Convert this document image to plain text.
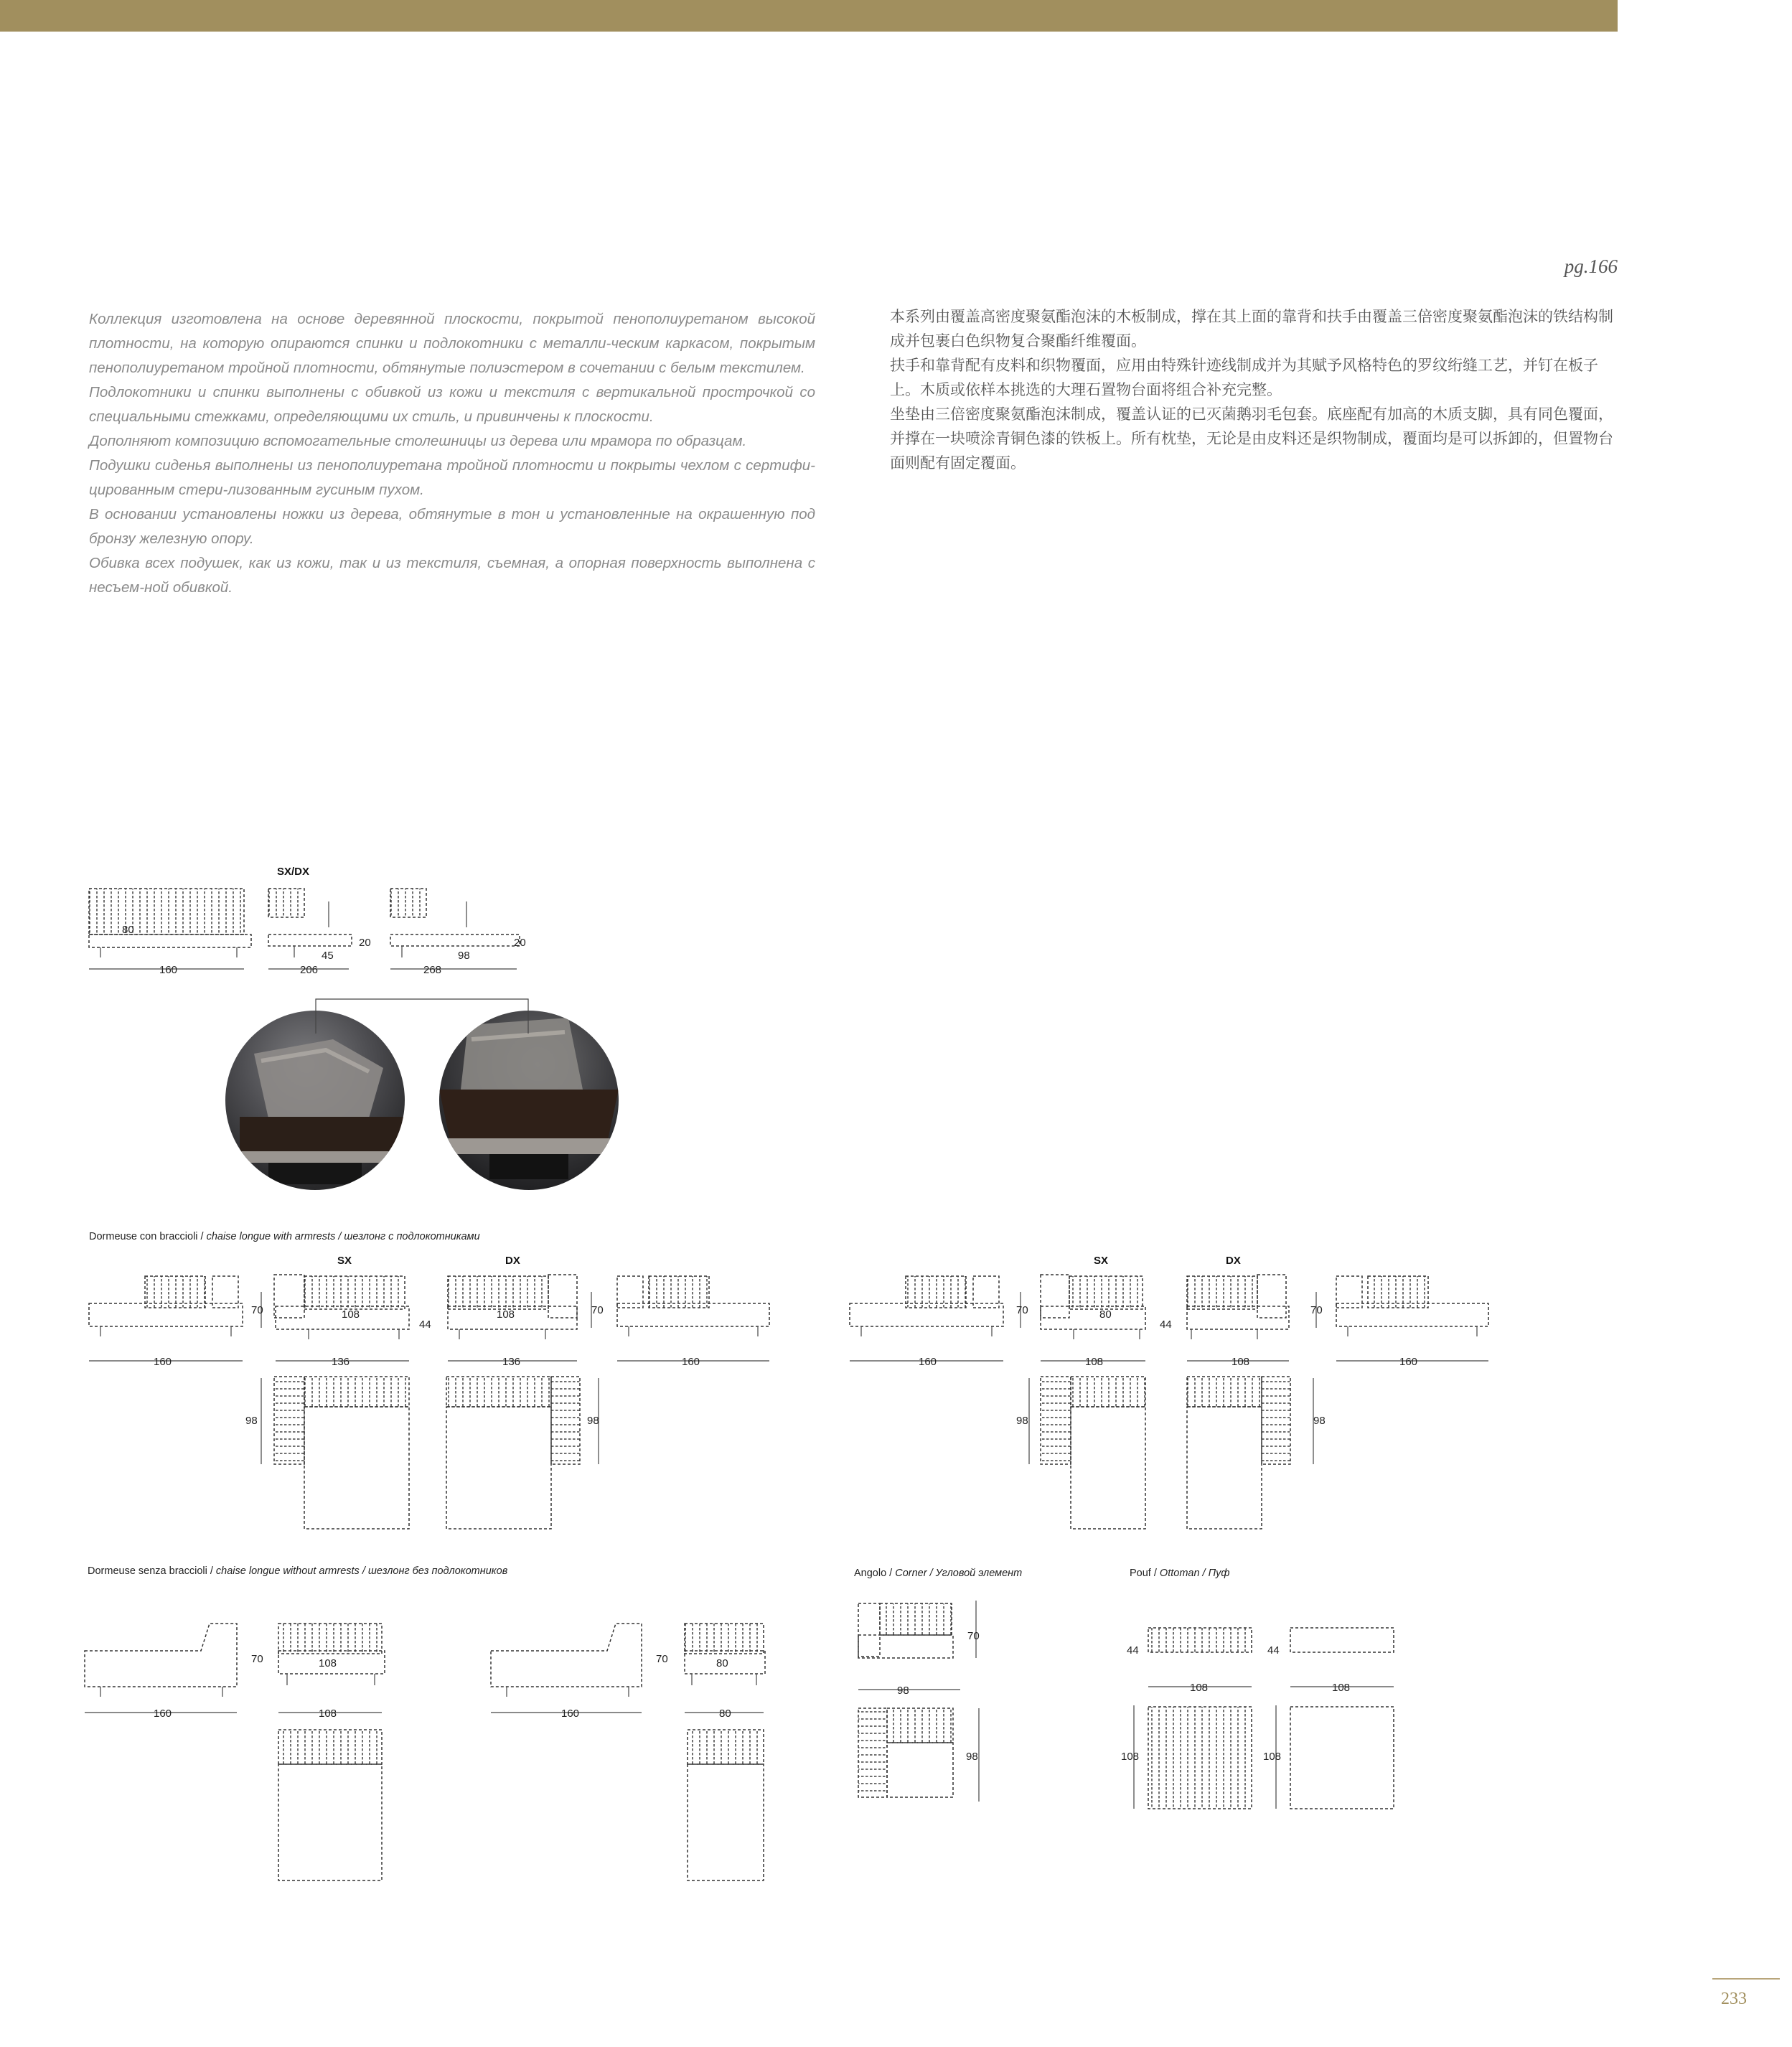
pg.166

Коллекция изготовлена на основе деревянной плоскости, покрытой пенополиуретаном высокой плотности, на которую опираются спинки и подлокотники с металли-ческим каркасом, покрытым пенополиуретаном тройной плотности, обтянутые полиэстером в сочетании с белым текстилем.

Подлокотники и спинки выполнены с обивкой из кожи и текстиля с вертикальной прострочкой со специальными стежками, определяющими их стиль, и привинчены к плоскости.

Дополняют композицию вспомогательные столешницы из дерева или мрамора по образцам.

Подушки сиденья выполнены из пенополиуретана тройной плотности и покрыты чехлом с сертифи-цированным стери-лизованным гусиным пухом.

В основании установлены ножки из дерева, обтянутые в тон и установленные на окрашенную под бронзу железную опору.

Обивка всех подушек, как из кожи, так и из текстиля, съемная, а опорная поверхность выполнена с несъем-ной обивкой.

本系列由覆盖高密度聚氨酯泡沫的木板制成，撑在其上面的靠背和扶手由覆盖三倍密度聚氨酯泡沫的铁结构制成并包裹白色织物复合聚酯纤维覆面。

扶手和靠背配有皮料和织物覆面，应用由特殊针迹线制成并为其赋予风格特色的罗纹绗缝工艺，并钉在板子上。木质或依样本挑选的大理石置物台面将组合补充完整。

坐垫由三倍密度聚氨酯泡沫制成，覆盖认证的已灭菌鹅羽毛包套。底座配有加高的木质支脚，具有同色覆面，并撑在一块喷涂青铜色漆的铁板上。所有枕垫，无论是由皮料还是织物制成，覆面均是可以拆卸的，但置物台面则配有固定覆面。

Dormeuse con braccioli / chaise longue with armrests / шезлонг с подлокотниками
Dormeuse senza braccioli / chaise longue without armrests / шезлонг без подлокотников	Angolo / Corner / Угловой элемент	Pouf / Ottoman / Пуф
SX/DX
SX	DX	SX	DX
80
160
45
20
206
98
20
268
160
70	108
44
136
108
136
70
160
98	98
160
70	80
44
108	108
70
160
98	98
160
70	108
108	160
70	80
80
70
98
98
44
108
44
108
108	108
233
